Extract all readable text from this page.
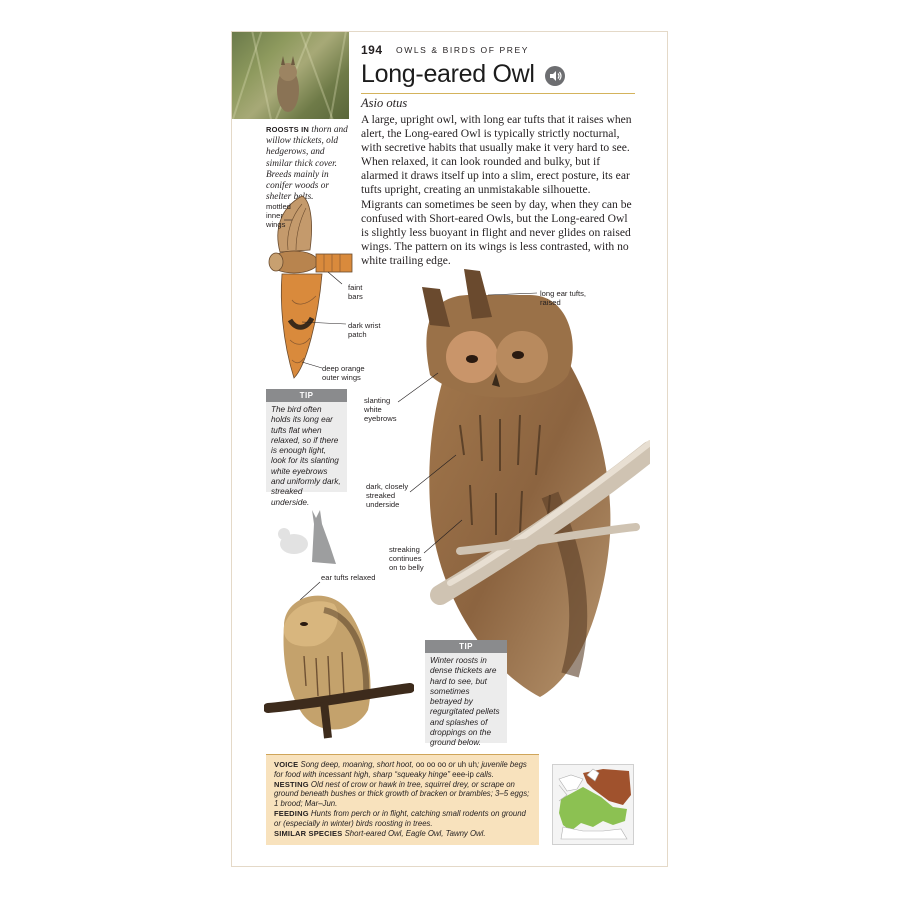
194 OWLS & BIRDS OF PREY
Long-eared Owl
Asio otus
A large, upright owl, with long ear tufts that it raises when alert, the Long-eared Owl is typically strictly nocturnal, with secretive habits that usually make it very hard to see. When relaxed, it can look rounded and bulky, but if alarmed it draws itself up into a slim, erect posture, its ear tufts upright, creating an unmistakable silhouette. Migrants can sometimes be seen by day, when they can be confused with Short-eared Owls, but the Long-eared Owl is slightly less buoyant in flight and never glides on raised wings. The pattern on its wings is less contrasted, with no white trailing edge.
ROOSTS IN thorn and willow thickets, old hedgerows, and similar thick cover. Breeds mainly in conifer woods or shelter belts.
mottled inner wings
faint bars
dark wrist patch
deep orange outer wings
TIP
The bird often holds its long ear tufts flat when relaxed, so if there is enough light, look for its slanting white eyebrows and uniformly dark, streaked underside.
long ear tufts, raised
slanting white eyebrows
dark, closely streaked underside
streaking continues on to belly
ear tufts relaxed
TIP
Winter roosts in dense thickets are hard to see, but sometimes betrayed by regurgitated pellets and splashes of droppings on the ground below.
VOICE Song deep, moaning, short hoot, oo oo oo or uh uh; juvenile begs for food with incessant high, sharp “squeaky hinge” eee-ip calls.
NESTING Old nest of crow or hawk in tree, squirrel drey, or scrape on ground beneath bushes or thick growth of bracken or brambles; 3–5 eggs; 1 brood; Mar–Jun.
FEEDING Hunts from perch or in flight, catching small rodents on ground or (especially in winter) birds roosting in trees.
SIMILAR SPECIES Short-eared Owl, Eagle Owl, Tawny Owl.
